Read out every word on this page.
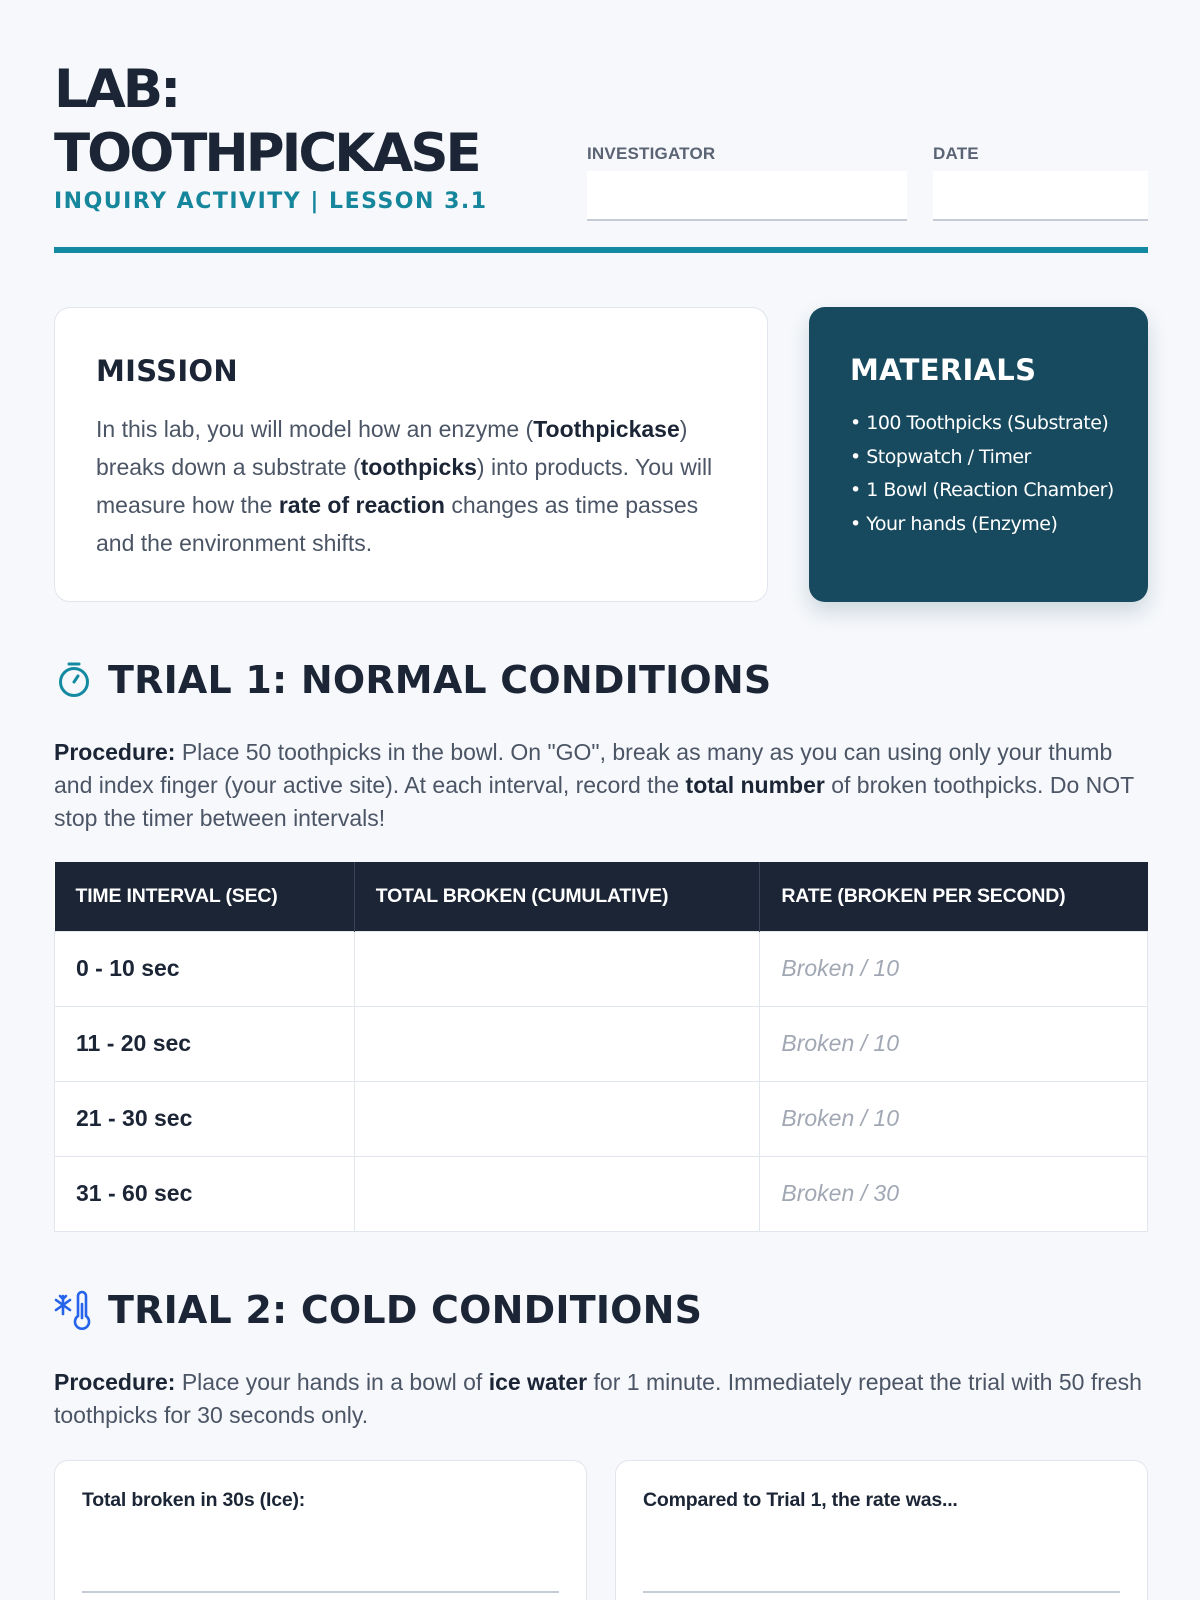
LAB:
TOOTHPICKASE
INQUIRY ACTIVITY | LESSON 3.1
INVESTIGATOR	DATE
MISSION

In this lab, you will model how an enzyme (Toothpickase) breaks down a substrate (toothpicks) into products. You will measure how the rate of reaction changes as time passes and the environment shifts.

MATERIALS
• 100 Toothpicks (Substrate)
• Stopwatch / Timer
• 1 Bowl (Reaction Chamber)
• Your hands (Enzyme)
TRIAL 1: NORMAL CONDITIONS

Procedure: Place 50 toothpicks in the bowl. On "GO", break as many as you can using only your thumb and index finger (your active site). At each interval, record the total number of broken toothpicks. Do NOT stop the timer between intervals!

TIME INTERVAL (SEC)	TOTAL BROKEN (CUMULATIVE)	RATE (BROKEN PER SECOND)
0 - 10 sec		Broken / 10
11 - 20 sec		Broken / 10
21 - 30 sec		Broken / 10
31 - 60 sec		Broken / 30
TRIAL 2: COLD CONDITIONS

Procedure: Place your hands in a bowl of ice water for 1 minute. Immediately repeat the trial with 50 fresh toothpicks for 30 seconds only.

Total broken in 30s (Ice):	Compared to Trial 1, the rate was...
